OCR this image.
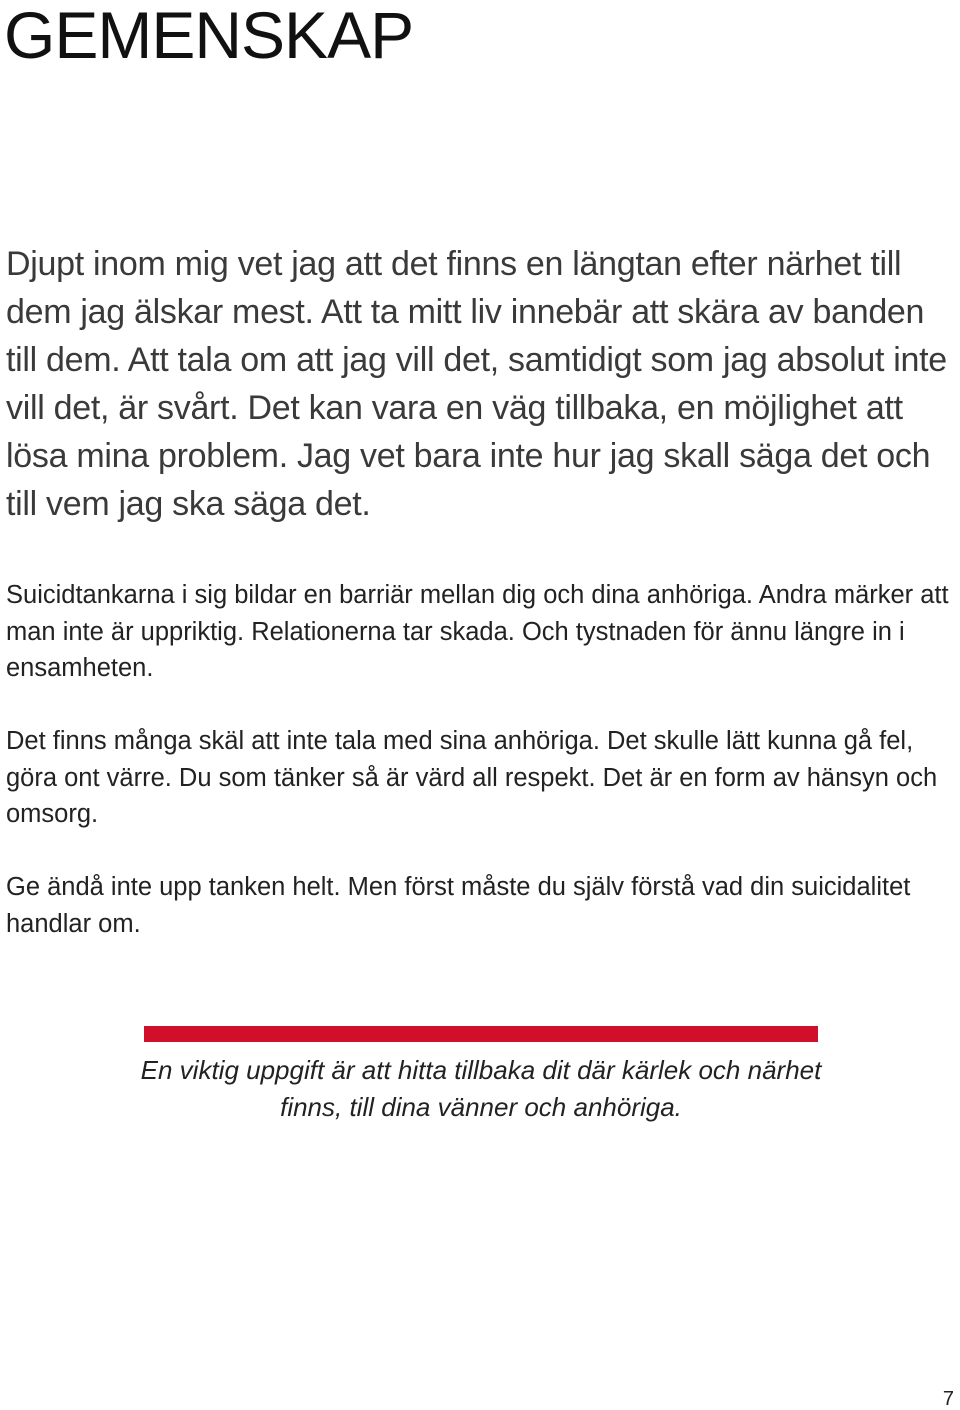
GEMENSKAP

Djupt inom mig vet jag att det finns en längtan efter närhet till dem jag älskar mest. Att ta mitt liv innebär att skära av banden till dem. Att tala om att jag vill det, samtidigt som jag absolut inte vill det, är svårt. Det kan vara en väg tillbaka, en möjlighet att lösa mina problem. Jag vet bara inte hur jag skall säga det och till vem jag ska säga det.

Suicidtankarna i sig bildar en barriär mellan dig och dina anhöriga. Andra märker att man inte är uppriktig. Relationerna tar skada. Och tystnaden för ännu längre in i ensamheten.

Det finns många skäl att inte tala med sina anhöriga. Det skulle lätt kunna gå fel, göra ont värre. Du som tänker så är värd all respekt. Det är en form av hänsyn och omsorg.

Ge ändå inte upp tanken helt. Men först måste du själv förstå vad din suicidalitet handlar om.

En viktig uppgift är att hitta tillbaka dit där kärlek och närhet finns, till dina vänner och anhöriga.

7
